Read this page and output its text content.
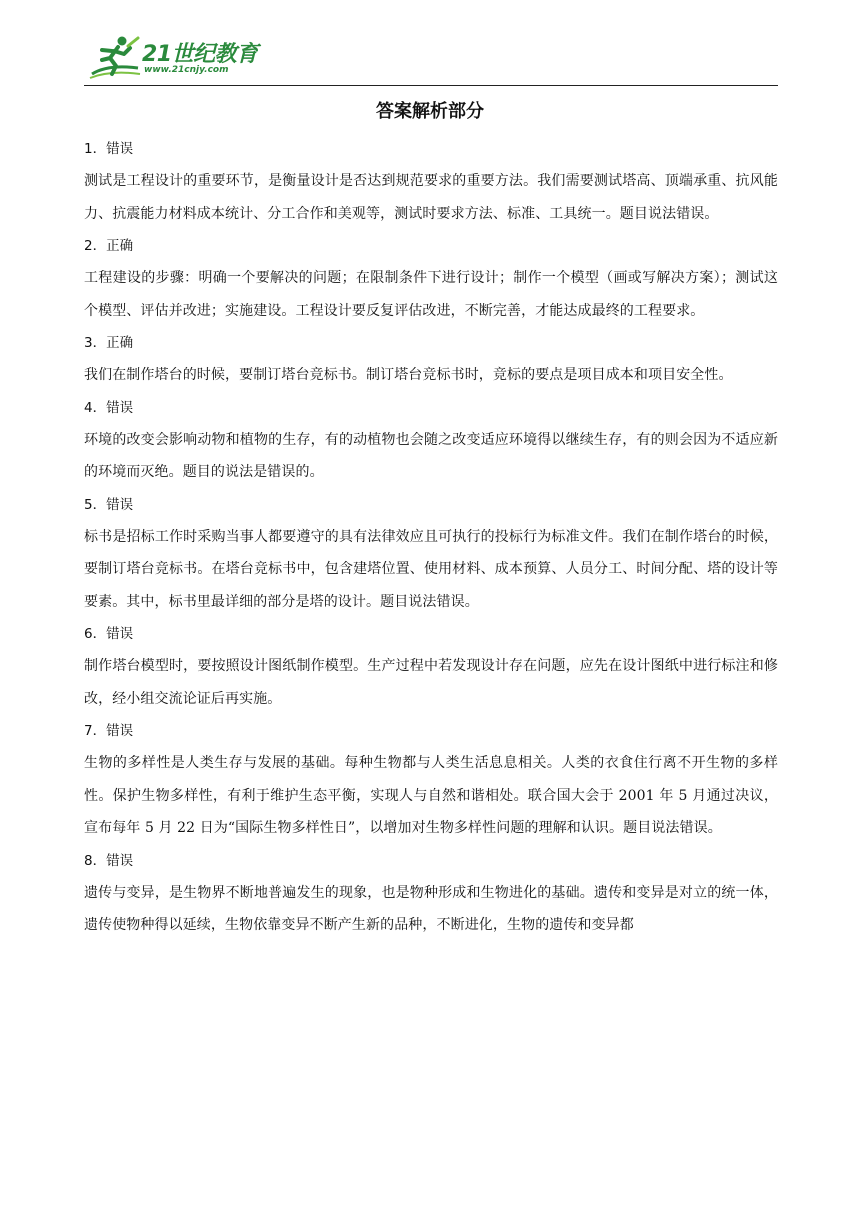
21世纪教育
www.21cnjy.com
答案解析部分

1．错误

测试是工程设计的重要环节，是衡量设计是否达到规范要求的重要方法。我们需要测试塔高、顶端承重、抗风能力、抗震能力材料成本统计、分工合作和美观等，测试时要求方法、标准、工具统一。题目说法错误。

2．正确

工程建设的步骤：明确一个要解决的问题；在限制条件下进行设计；制作一个模型（画或写解决方案）；测试这个模型、评估并改进；实施建设。工程设计要反复评估改进，不断完善，才能达成最终的工程要求。

3．正确

我们在制作塔台的时候，要制订塔台竞标书。制订塔台竞标书时，竞标的要点是项目成本和项目安全性。

4．错误

环境的改变会影响动物和植物的生存，有的动植物也会随之改变适应环境得以继续生存，有的则会因为不适应新的环境而灭绝。题目的说法是错误的。

5．错误

标书是招标工作时采购当事人都要遵守的具有法律效应且可执行的投标行为标准文件。我们在制作塔台的时候，要制订塔台竞标书。在塔台竞标书中，包含建塔位置、使用材料、成本预算、人员分工、时间分配、塔的设计等要素。其中，标书里最详细的部分是塔的设计。题目说法错误。

6．错误

制作塔台模型时，要按照设计图纸制作模型。生产过程中若发现设计存在问题，应先在设计图纸中进行标注和修改，经小组交流论证后再实施。

7．错误

生物的多样性是人类生存与发展的基础。每种生物都与人类生活息息相关。人类的衣食住行离不开生物的多样性。保护生物多样性，有利于维护生态平衡，实现人与自然和谐相处。联合国大会于 2001 年 5 月通过决议，宣布每年 5 月 22 日为“国际生物多样性日”，以增加对生物多样性问题的理解和认识。题目说法错误。

8．错误

遗传与变异，是生物界不断地普遍发生的现象，也是物种形成和生物进化的基础。遗传和变异是对立的统一体，遗传使物种得以延续，生物依靠变异不断产生新的品种，不断进化，生物的遗传和变异都
